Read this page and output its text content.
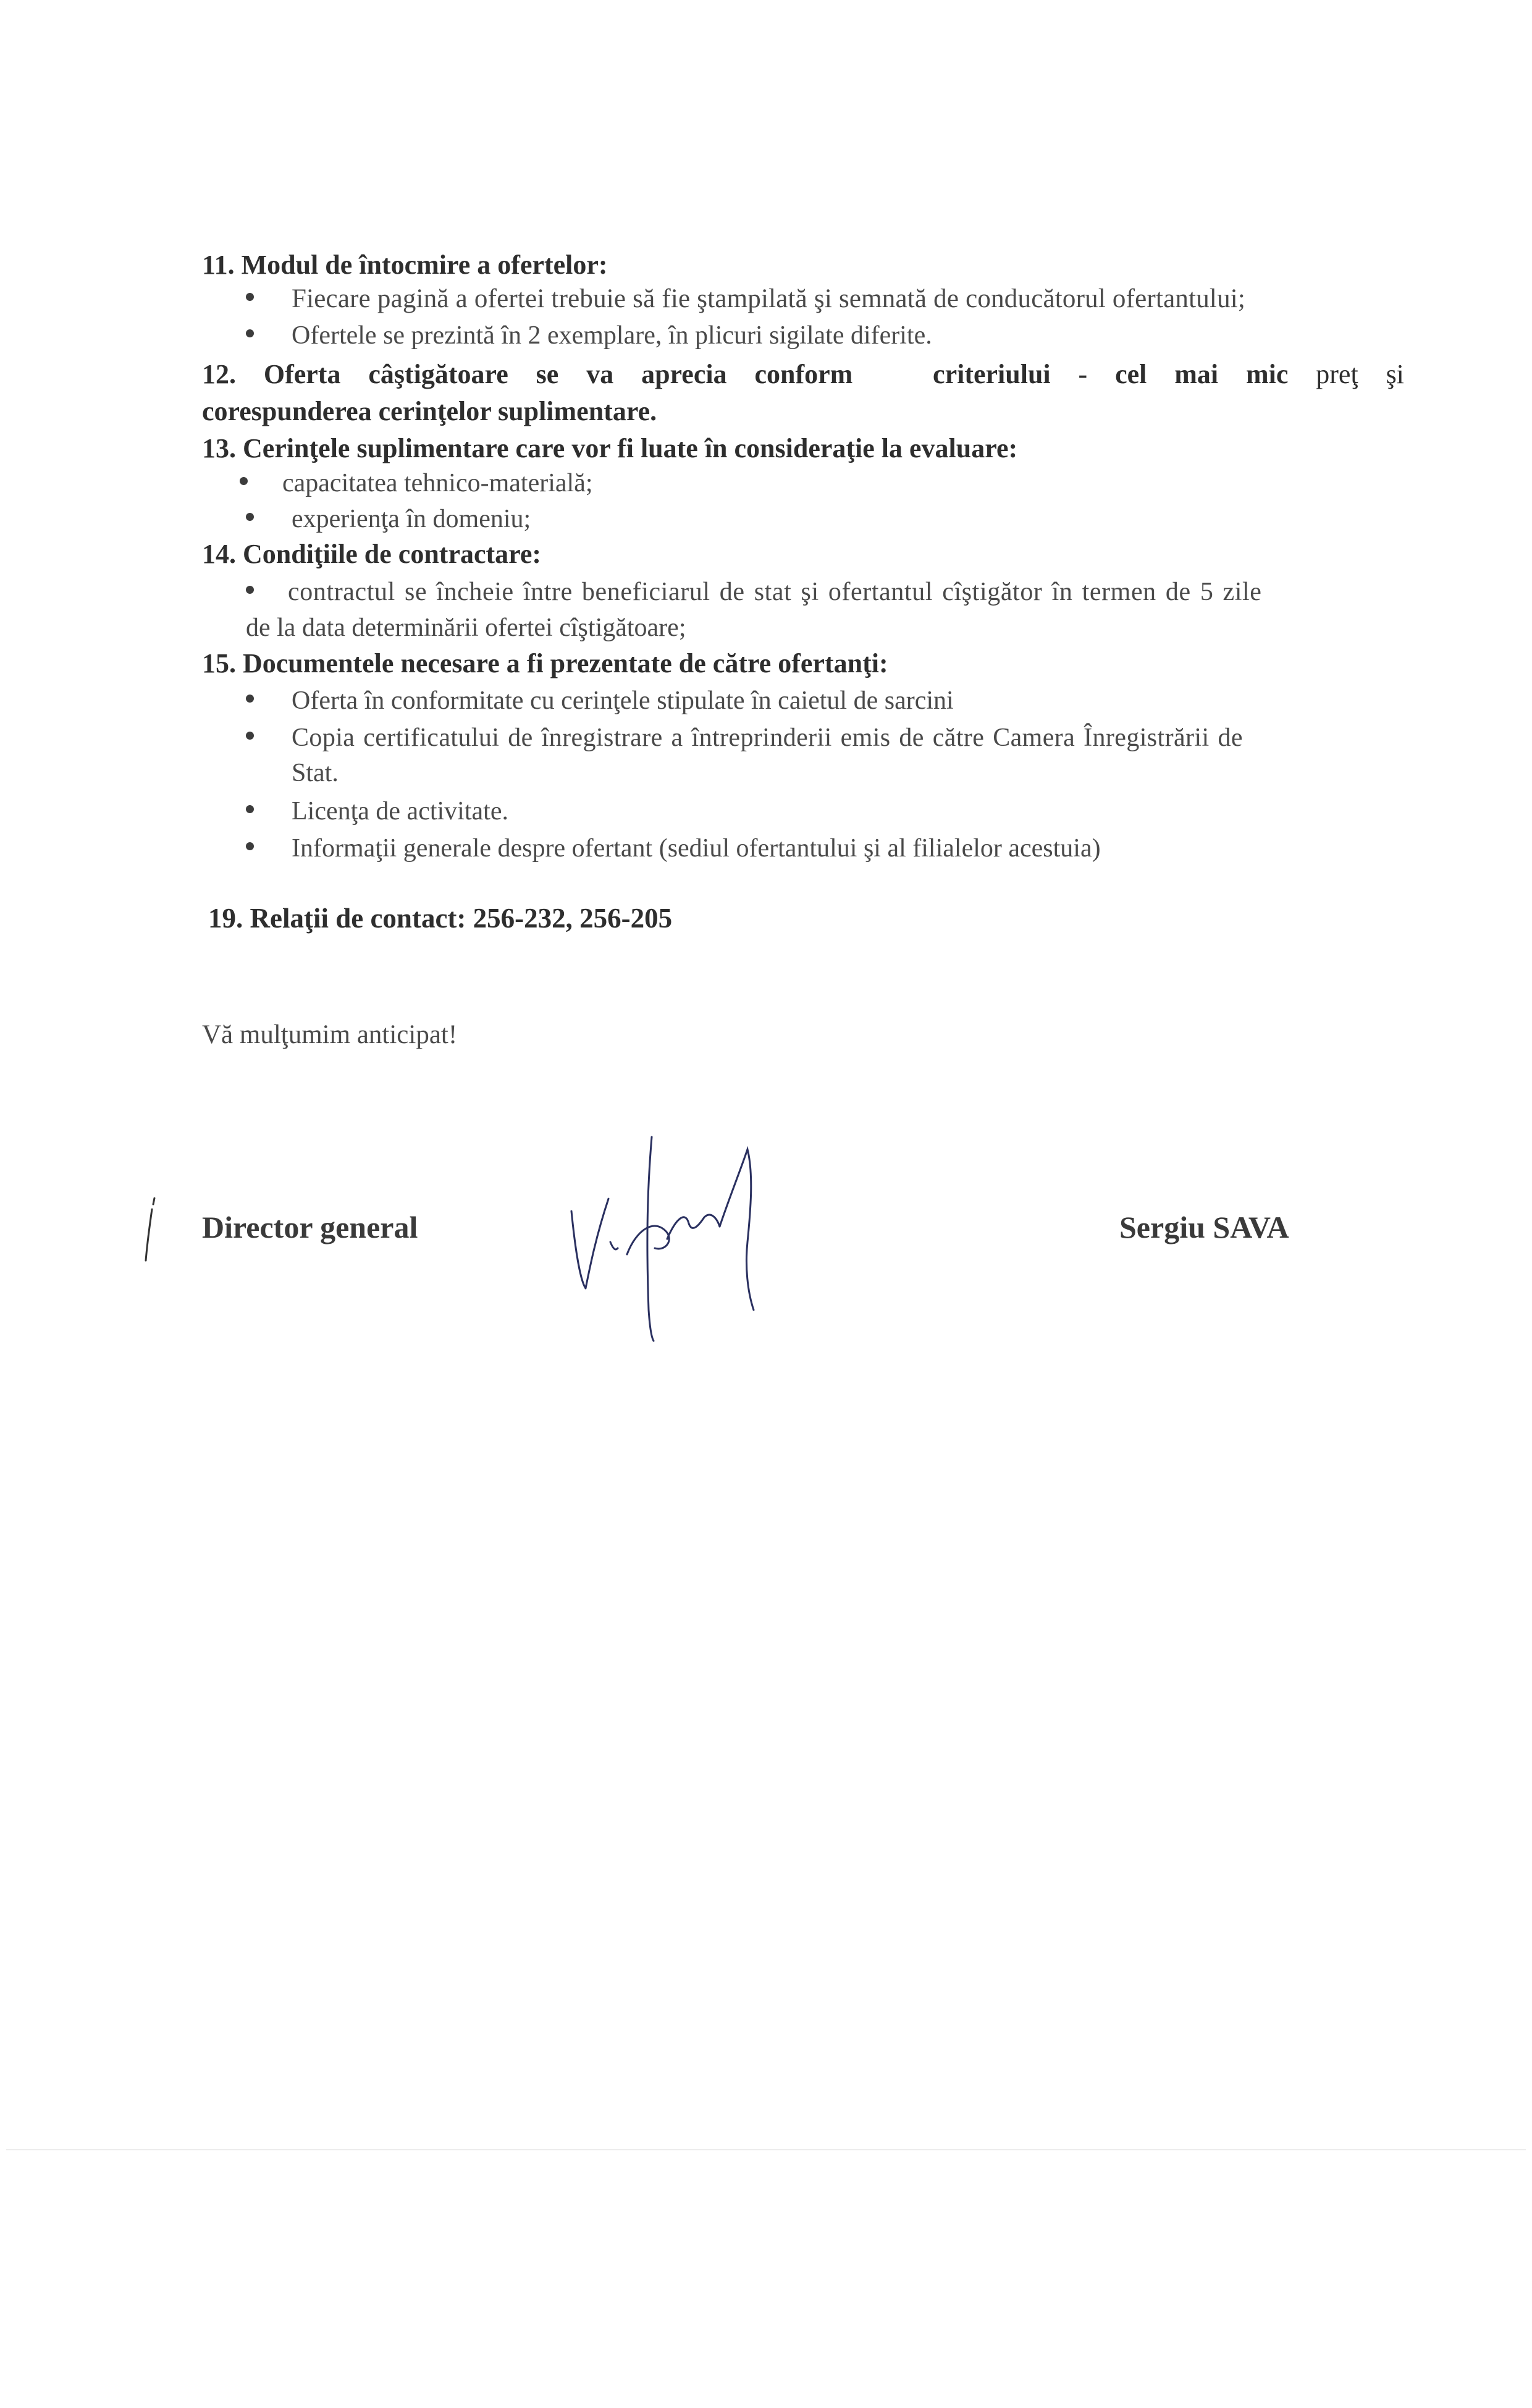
11. Modul de întocmire a ofertelor:
Fiecare pagină a ofertei trebuie să fie ştampilată şi semnată de conducătorul ofertantului;
Ofertele se prezintă în 2 exemplare, în plicuri sigilate diferite.
12. Oferta câştigătoare se va aprecia conform	criteriului - cel mai mic preţ şi
corespunderea cerinţelor suplimentare.
13. Cerinţele suplimentare care vor fi luate în consideraţie la evaluare:
capacitatea tehnico-materială;
experienţa în domeniu;
14. Condiţiile de contractare:
contractul se încheie între beneficiarul de stat şi ofertantul cîştigător în termen de 5 zile
de la data determinării ofertei cîştigătoare;
15. Documentele necesare a fi prezentate de către ofertanţi:
Oferta în conformitate cu cerinţele stipulate în caietul de sarcini
Copia certificatului de înregistrare a întreprinderii emis de către Camera Înregistrării de
Stat.
Licenţa de activitate.
Informaţii generale despre ofertant (sediul ofertantului şi al filialelor acestuia)
19. Relaţii de contact: 256-232, 256-205
Vă mulţumim anticipat!
Director general	Sergiu SAVA
